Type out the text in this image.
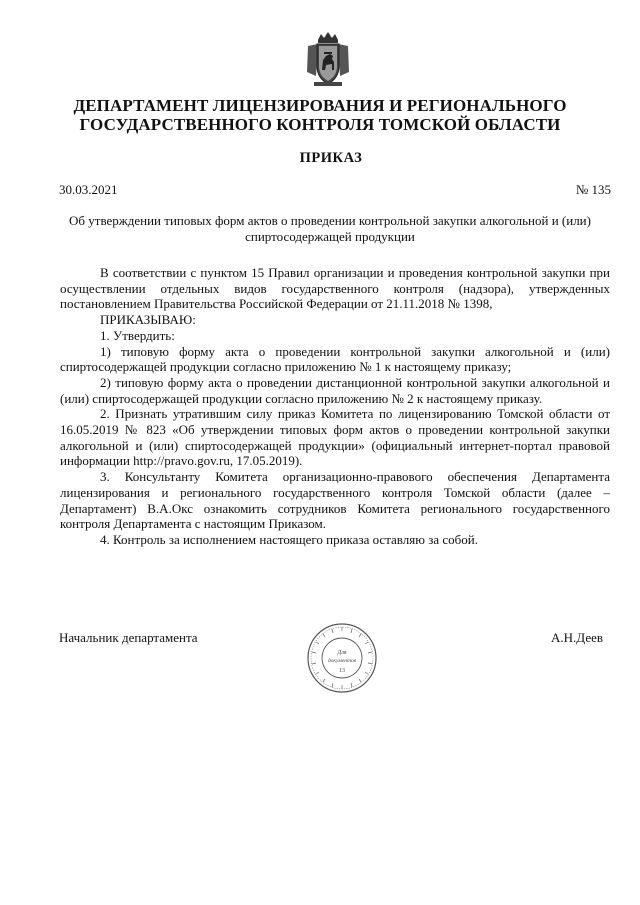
ДЕПАРТАМЕНТ ЛИЦЕНЗИРОВАНИЯ И РЕГИОНАЛЬНОГО ГОСУДАРСТВЕННОГО КОНТРОЛЯ ТОМСКОЙ ОБЛАСТИ
ПРИКАЗ
30.03.2021	№ 135
Об утверждении типовых форм актов о проведении контрольной закупки алкогольной и (или) спиртосодержащей продукции

В соответствии с пунктом 15 Правил организации и проведения контрольной закупки при осуществлении отдельных видов государственного контроля (надзора), утвержденных постановлением Правительства Российской Федерации от 21.11.2018 № 1398,

ПРИКАЗЫВАЮ:

1. Утвердить:

1) типовую форму акта о проведении контрольной закупки алкогольной и (или) спиртосодержащей продукции согласно приложению № 1 к настоящему приказу;

2) типовую форму акта о проведении дистанционной контрольной закупки алкогольной и (или) спиртосодержащей продукции согласно приложению № 2 к настоящему приказу.

2. Признать утратившим силу приказ Комитета по лицензированию Томской области от 16.05.2019 № 823 «Об утверждении типовых форм актов о проведении контрольной закупки алкогольной и (или) спиртосодержащей продукции» (официальный интернет-портал правовой информации http://pravo.gov.ru, 17.05.2019).

3. Консультанту Комитета организационно-правового обеспечения Департамента лицензирования и регионального государственного контроля Томской области (далее – Департамент) В.А.Окс ознакомить сотрудников Комитета регионального государственного контроля Департамента с настоящим Приказом.

4. Контроль за исполнением настоящего приказа оставляю за собой.

Начальник департамента	А.Н.Деев
Для
документов
13
